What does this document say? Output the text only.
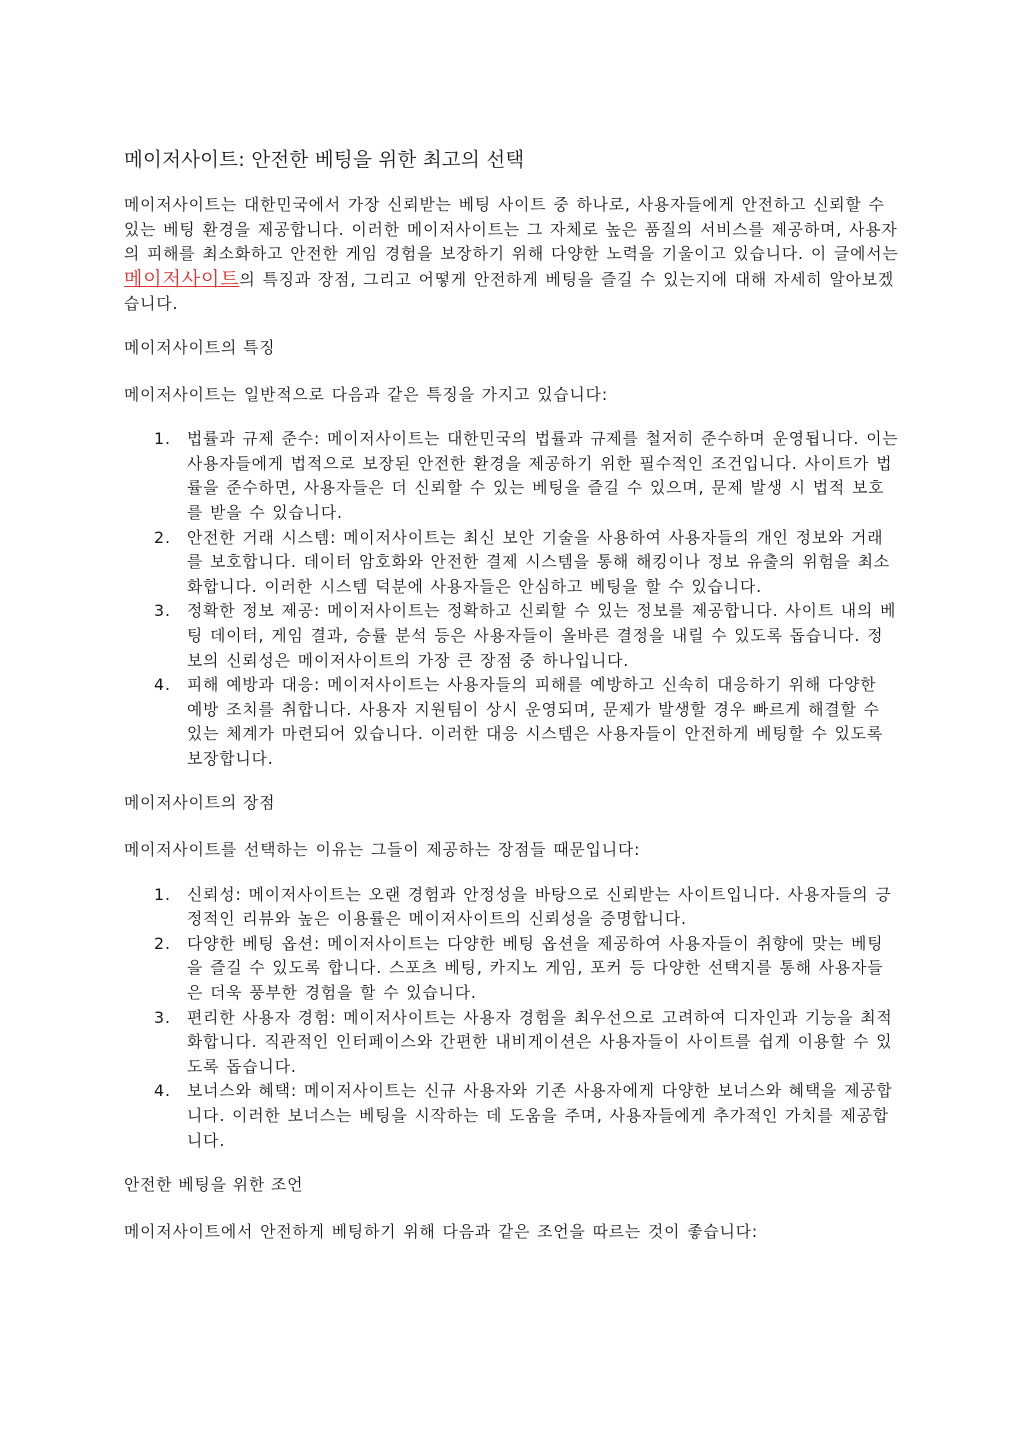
메이저사이트: 안전한 베팅을 위한 최고의 선택

메이저사이트는 대한민국에서 가장 신뢰받는 베팅 사이트 중 하나로, 사용자들에게 안전하고 신뢰할 수 있는 베팅 환경을 제공합니다. 이러한 메이저사이트는 그 자체로 높은 품질의 서비스를 제공하며, 사용자의 피해를 최소화하고 안전한 게임 경험을 보장하기 위해 다양한 노력을 기울이고 있습니다. 이 글에서는 메이저사이트의 특징과 장점, 그리고 어떻게 안전하게 베팅을 즐길 수 있는지에 대해 자세히 알아보겠습니다.

메이저사이트의 특징

메이저사이트는 일반적으로 다음과 같은 특징을 가지고 있습니다:

1. 법률과 규제 준수: 메이저사이트는 대한민국의 법률과 규제를 철저히 준수하며 운영됩니다. 이는 사용자들에게 법적으로 보장된 안전한 환경을 제공하기 위한 필수적인 조건입니다. 사이트가 법률을 준수하면, 사용자들은 더 신뢰할 수 있는 베팅을 즐길 수 있으며, 문제 발생 시 법적 보호를 받을 수 있습니다.
2. 안전한 거래 시스템: 메이저사이트는 최신 보안 기술을 사용하여 사용자들의 개인 정보와 거래를 보호합니다. 데이터 암호화와 안전한 결제 시스템을 통해 해킹이나 정보 유출의 위험을 최소화합니다. 이러한 시스템 덕분에 사용자들은 안심하고 베팅을 할 수 있습니다.
3. 정확한 정보 제공: 메이저사이트는 정확하고 신뢰할 수 있는 정보를 제공합니다. 사이트 내의 베팅 데이터, 게임 결과, 승률 분석 등은 사용자들이 올바른 결정을 내릴 수 있도록 돕습니다. 정보의 신뢰성은 메이저사이트의 가장 큰 장점 중 하나입니다.
4. 피해 예방과 대응: 메이저사이트는 사용자들의 피해를 예방하고 신속히 대응하기 위해 다양한 예방 조치를 취합니다. 사용자 지원팀이 상시 운영되며, 문제가 발생할 경우 빠르게 해결할 수 있는 체계가 마련되어 있습니다. 이러한 대응 시스템은 사용자들이 안전하게 베팅할 수 있도록 보장합니다.

메이저사이트의 장점

메이저사이트를 선택하는 이유는 그들이 제공하는 장점들 때문입니다:

1. 신뢰성: 메이저사이트는 오랜 경험과 안정성을 바탕으로 신뢰받는 사이트입니다. 사용자들의 긍정적인 리뷰와 높은 이용률은 메이저사이트의 신뢰성을 증명합니다.
2. 다양한 베팅 옵션: 메이저사이트는 다양한 베팅 옵션을 제공하여 사용자들이 취향에 맞는 베팅을 즐길 수 있도록 합니다. 스포츠 베팅, 카지노 게임, 포커 등 다양한 선택지를 통해 사용자들은 더욱 풍부한 경험을 할 수 있습니다.
3. 편리한 사용자 경험: 메이저사이트는 사용자 경험을 최우선으로 고려하여 디자인과 기능을 최적화합니다. 직관적인 인터페이스와 간편한 내비게이션은 사용자들이 사이트를 쉽게 이용할 수 있도록 돕습니다.
4. 보너스와 혜택: 메이저사이트는 신규 사용자와 기존 사용자에게 다양한 보너스와 혜택을 제공합니다. 이러한 보너스는 베팅을 시작하는 데 도움을 주며, 사용자들에게 추가적인 가치를 제공합니다.

안전한 베팅을 위한 조언

메이저사이트에서 안전하게 베팅하기 위해 다음과 같은 조언을 따르는 것이 좋습니다:
